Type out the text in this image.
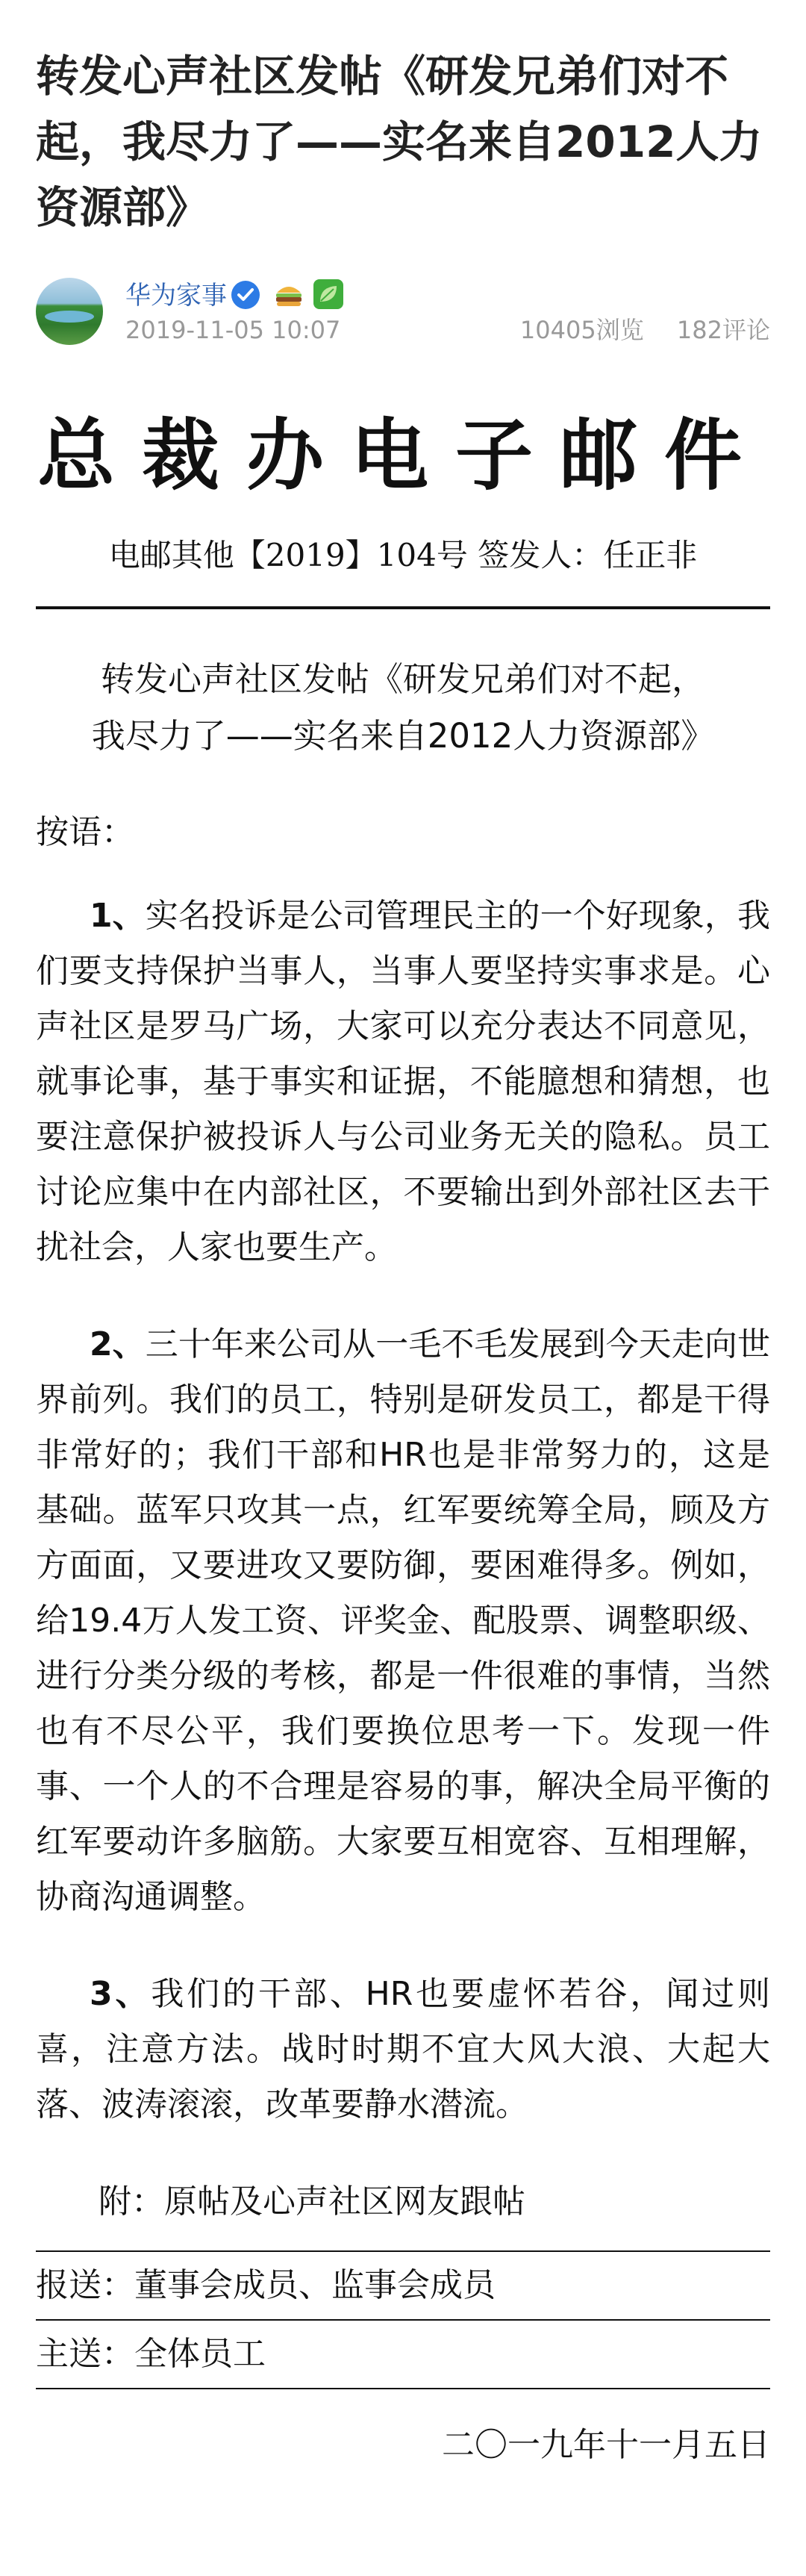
转发心声社区发帖《研发兄弟们对不起，我尽力了——实名来自2012人力资源部》
华为家事
2019-11-05 10:07	10405浏览 182评论
总裁办电子邮件
电邮其他【2019】104号 签发人：任正非
转发心声社区发帖《研发兄弟们对不起，
我尽力了——实名来自2012人力资源部》
按语：

1、实名投诉是公司管理民主的一个好现象，我们要支持保护当事人，当事人要坚持实事求是。心声社区是罗马广场，大家可以充分表达不同意见，就事论事，基于事实和证据，不能臆想和猜想，也要注意保护被投诉人与公司业务无关的隐私。员工讨论应集中在内部社区，不要输出到外部社区去干扰社会，人家也要生产。

2、三十年来公司从一毛不毛发展到今天走向世界前列。我们的员工，特别是研发员工，都是干得非常好的；我们干部和HR也是非常努力的，这是基础。蓝军只攻其一点，红军要统筹全局，顾及方方面面，又要进攻又要防御，要困难得多。例如，给19.4万人发工资、评奖金、配股票、调整职级、进行分类分级的考核，都是一件很难的事情，当然也有不尽公平，我们要换位思考一下。发现一件事、一个人的不合理是容易的事，解决全局平衡的红军要动许多脑筋。大家要互相宽容、互相理解，协商沟通调整。

3、我们的干部、HR也要虚怀若谷，闻过则喜，注意方法。战时时期不宜大风大浪、大起大落、波涛滚滚，改革要静水潜流。

附：原帖及心声社区网友跟帖
报送：董事会成员、监事会成员
主送：全体员工
二〇一九年十一月五日
